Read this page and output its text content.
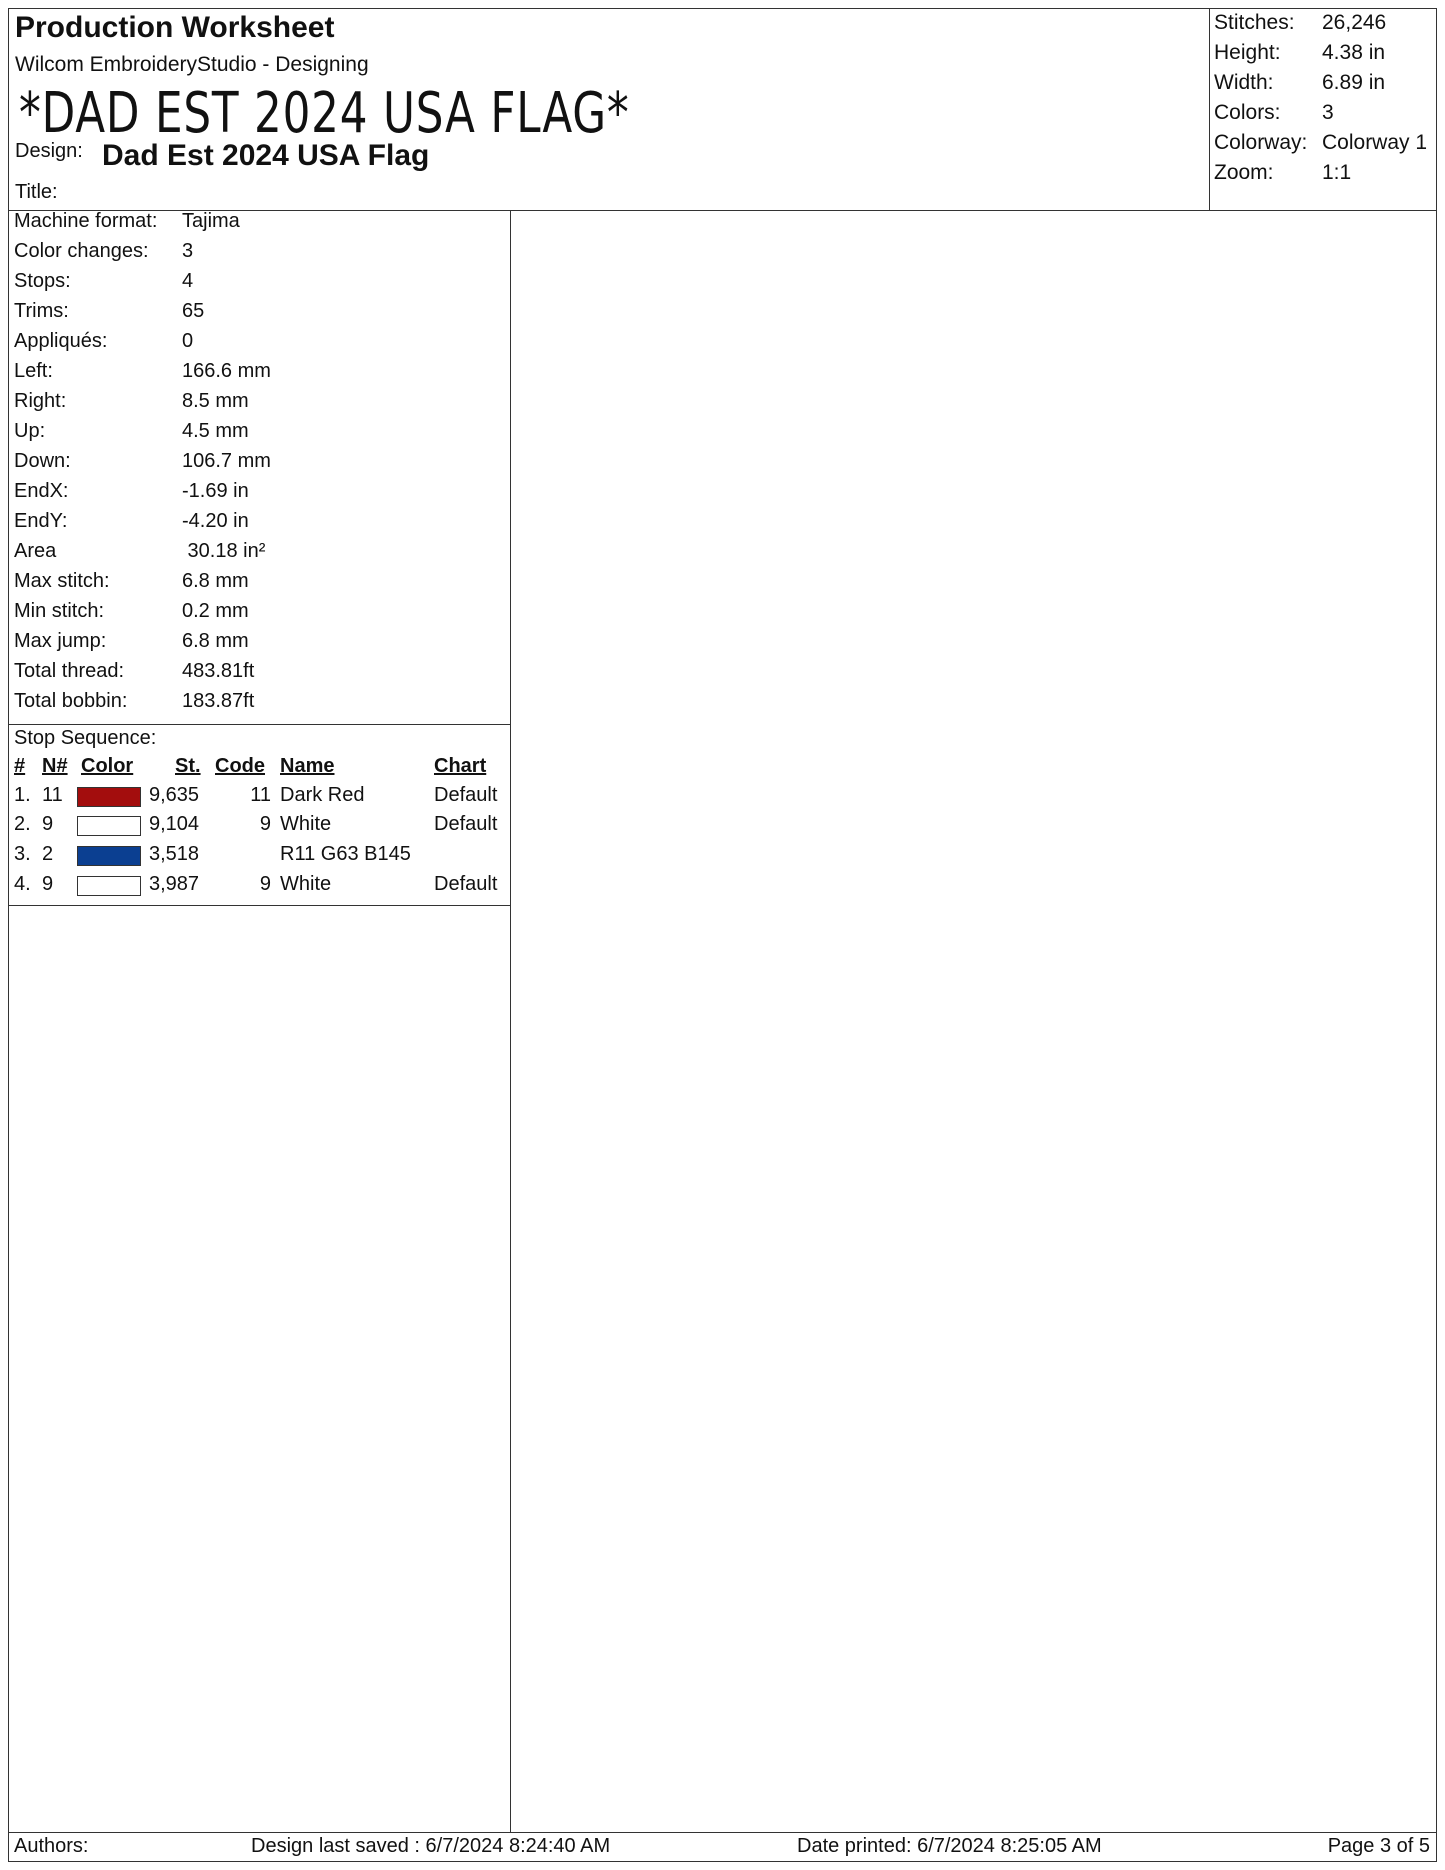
Production Worksheet
Wilcom EmbroideryStudio - Designing
*DAD EST 2024 USA FLAG*
Design: Dad Est 2024 USA Flag
Title:
Stitches: 26,246
Height: 4.38 in
Width: 6.89 in
Colors: 3
Colorway: Colorway 1
Zoom: 1:1
Machine format: Tajima
Color changes: 3
Stops:	4
Trims:	65
Appliqués:	0
Left:	166.6 mm
Right:	8.5 mm
Up:	4.5 mm
Down:	106.7 mm
EndX:	-1.69 in
EndY:	-4.20 in
Area	30.18 in²
Max stitch:	6.8 mm
Min stitch:	0.2 mm
Max jump:	6.8 mm
Total thread:	483.81ft
Total bobbin:	183.87ft
Stop Sequence:
# N# Color St. Code Name	Chart
1. 11	9,635	11 Dark Red	Default
2. 9	9,104	9 White	Default
3. 2	3,518	R11 G63 B145
4. 9	3,987	9 White	Default
Authors:	Design last saved : 6/7/2024 8:24:40 AM	Date printed: 6/7/2024 8:25:05 AM	Page 3 of 5
